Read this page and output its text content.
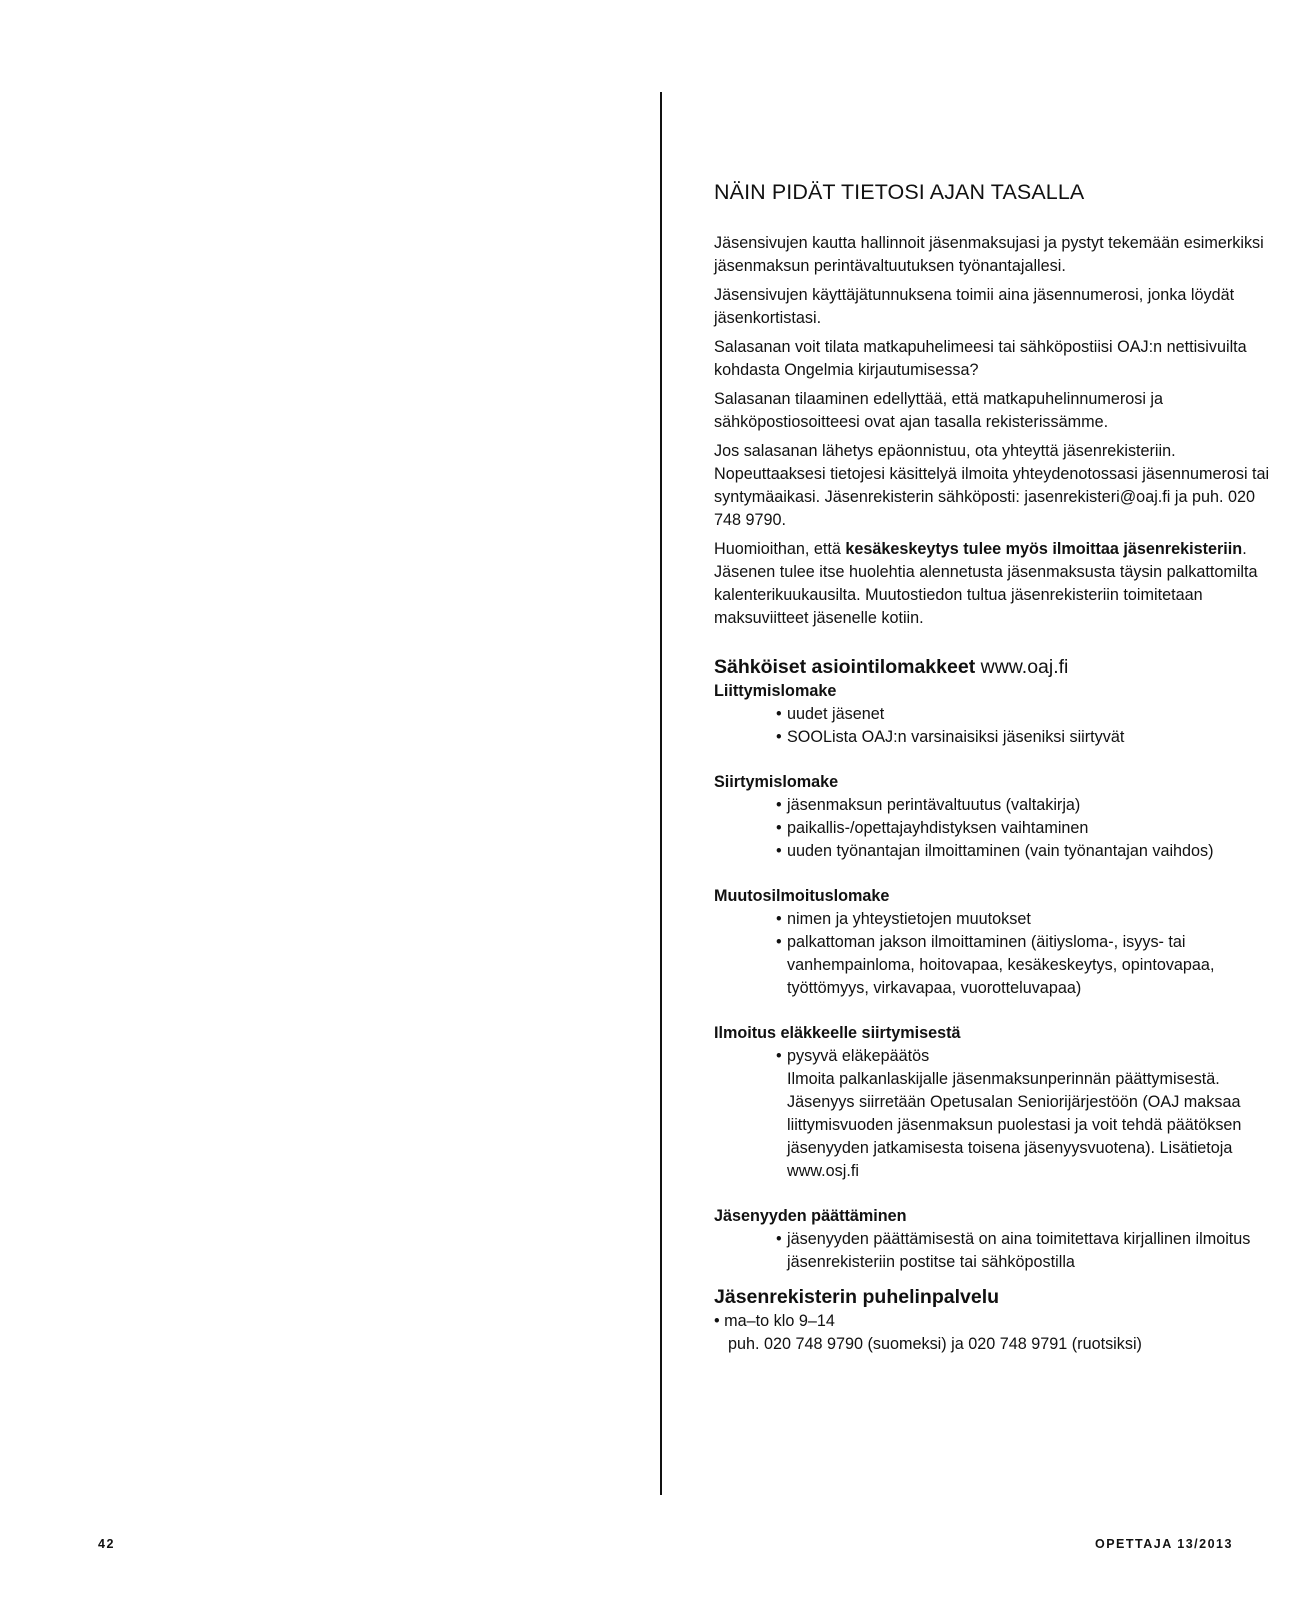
NÄIN PIDÄT TIETOSI AJAN TASALLA

Jäsensivujen kautta hallinnoit jäsenmaksujasi ja pystyt tekemään esimerkiksi jäsenmaksun perintävaltuutuksen työnantajallesi.

Jäsensivujen käyttäjätunnuksena toimii aina jäsennumerosi, jonka löydät jäsenkortistasi.

Salasanan voit tilata matkapuhelimeesi tai sähköpostiisi OAJ:n nettisivuilta kohdasta Ongelmia kirjautumisessa?

Salasanan tilaaminen edellyttää, että matkapuhelinnumerosi ja sähköpostiosoitteesi ovat ajan tasalla rekisterissämme.

Jos salasanan lähetys epäonnistuu, ota yhteyttä jäsenrekisteriin. Nopeuttaaksesi tietojesi käsittelyä ilmoita yhteydenotossasi jäsennumerosi tai syntymäaikasi. Jäsenrekisterin sähköposti: jasenrekisteri@oaj.fi ja puh. 020 748 9790.

Huomioithan, että kesäkeskeytys tulee myös ilmoittaa jäsenrekisteriin. Jäsenen tulee itse huolehtia alennetusta jäsenmaksusta täysin palkattomilta kalenterikuukausilta. Muutostiedon tultua jäsenrekisteriin toimitetaan maksuviitteet jäsenelle kotiin.

Sähköiset asiointilomakkeet www.oaj.fi
Liittymislomake
• uudet jäsenet
• SOOLista OAJ:n varsinaisiksi jäseniksi siirtyvät
Siirtymislomake
• jäsenmaksun perintävaltuutus (valtakirja)
• paikallis-/opettajayhdistyksen vaihtaminen
• uuden työnantajan ilmoittaminen (vain työnantajan vaihdos)
Muutosilmoituslomake
• nimen ja yhteystietojen muutokset
• palkattoman jakson ilmoittaminen (äitiysloma-, isyys- tai vanhempainloma, hoitovapaa, kesäkeskeytys, opintovapaa, työttömyys, virkavapaa, vuorotteluvapaa)
Ilmoitus eläkkeelle siirtymisestä
• pysyvä eläkepäätös
Ilmoita palkanlaskijalle jäsenmaksunperinnän päättymisestä. Jäsenyys siirretään Opetusalan Seniorijärjestöön (OAJ maksaa liittymisvuoden jäsenmaksun puolestasi ja voit tehdä päätöksen jäsenyyden jatkamisesta toisena jäsenyysvuotena). Lisätietoja www.osj.fi
Jäsenyyden päättäminen
• jäsenyyden päättämisestä on aina toimitettava kirjallinen ilmoitus jäsenrekisteriin postitse tai sähköpostilla
Jäsenrekisterin puhelinpalvelu
• ma–to klo 9–14
puh. 020 748 9790 (suomeksi) ja 020 748 9791 (ruotsiksi)
42	OPETTAJA 13/2013
